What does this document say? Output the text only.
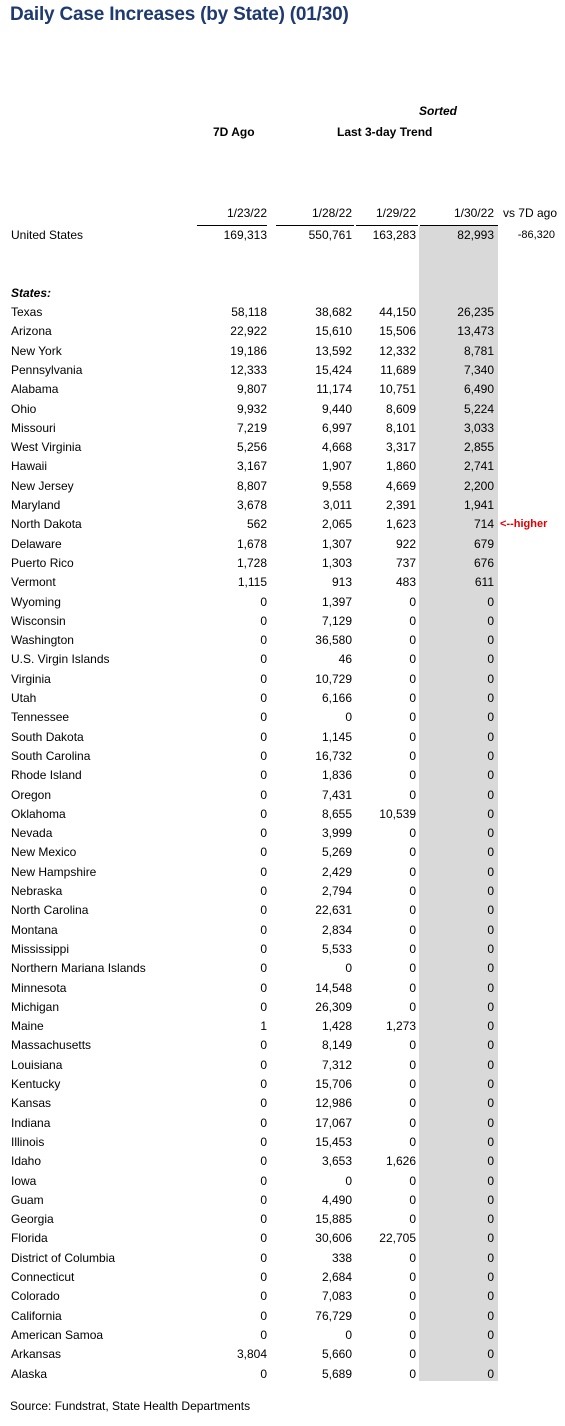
Daily Case Increases (by State) (01/30)
Sorted
7D Ago	Last 3-day Trend
1/23/22	1/28/22 1/29/22	1/30/22 vs 7D ago
United States	169,313	550,761 163,283	82,993 -86,320
States:
Texas	58,118	38,682 44,150	26,235
Arizona	22,922	15,610 15,506	13,473
New York	19,186	13,592 12,332	8,781
Pennsylvania	12,333	15,424 11,689	7,340
Alabama	9,807	11,174 10,751	6,490
Ohio	9,932	9,440	8,609	5,224
Missouri	7,219	6,997	8,101	3,033
West Virginia	5,256	4,668	3,317	2,855
Hawaii	3,167	1,907	1,860	2,741
New Jersey	8,807	9,558	4,669	2,200
Maryland	3,678	3,011	2,391	1,941
North Dakota	562	2,065	1,623	714 <--higher
Delaware	1,678	1,307	922	679
Puerto Rico	1,728	1,303	737	676
Vermont	1,115	913	483	611
Wyoming	0	1,397	0	0
Wisconsin	0	7,129	0	0
Washington	0	36,580	0	0
U.S. Virgin Islands	0	46	0	0
Virginia	0	10,729	0	0
Utah	0	6,166	0	0
Tennessee	0	0	0	0
South Dakota	0	1,145	0	0
South Carolina	0	16,732	0	0
Rhode Island	0	1,836	0	0
Oregon	0	7,431	0	0
Oklahoma	0	8,655 10,539	0
Nevada	0	3,999	0	0
New Mexico	0	5,269	0	0
New Hampshire	0	2,429	0	0
Nebraska	0	2,794	0	0
North Carolina	0	22,631	0	0
Montana	0	2,834	0	0
Mississippi	0	5,533	0	0
Northern Mariana Islands	0	0	0	0
Minnesota	0	14,548	0	0
Michigan	0	26,309	0	0
Maine	1	1,428	1,273	0
Massachusetts	0	8,149	0	0
Louisiana	0	7,312	0	0
Kentucky	0	15,706	0	0
Kansas	0	12,986	0	0
Indiana	0	17,067	0	0
Illinois	0	15,453	0	0
Idaho	0	3,653	1,626	0
Iowa	0	0	0	0
Guam	0	4,490	0	0
Georgia	0	15,885	0	0
Florida	0	30,606 22,705	0
District of Columbia	0	338	0	0
Connecticut	0	2,684	0	0
Colorado	0	7,083	0	0
California	0	76,729	0	0
American Samoa	0	0	0	0
Arkansas	3,804	5,660	0	0
Alaska	0	5,689	0	0
Source: Fundstrat, State Health Departments
